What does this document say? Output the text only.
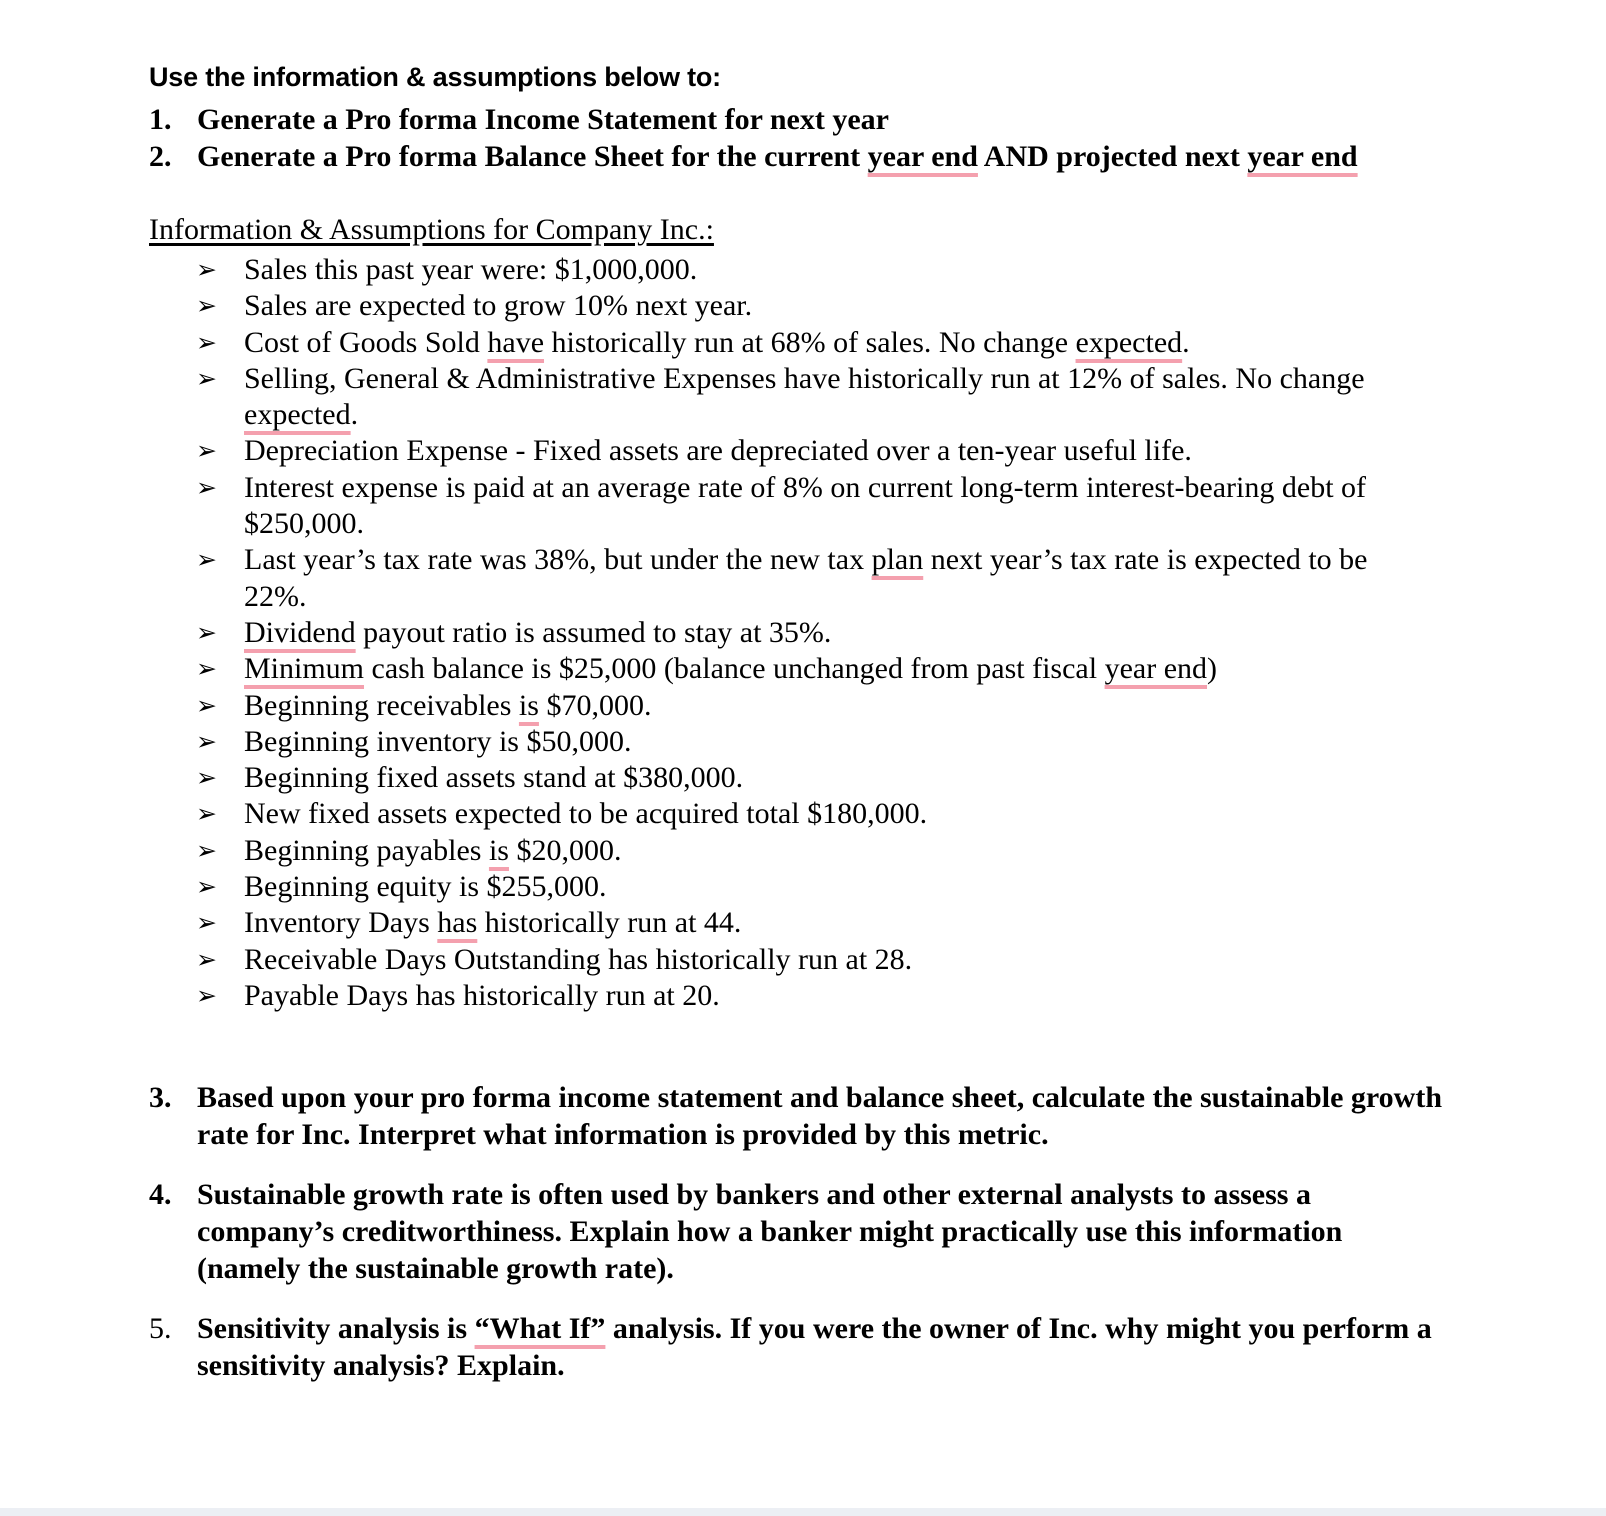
Use the information & assumptions below to:
1. Generate a Pro forma Income Statement for next year
2. Generate a Pro forma Balance Sheet for the current year end AND projected next year end
Information & Assumptions for Company Inc.:

➢ Sales this past year were: $1,000,000.

➢ Sales are expected to grow 10% next year.

➢ Cost of Goods Sold have historically run at 68% of sales. No change expected.

➢ Selling, General & Administrative Expenses have historically run at 12% of sales. No change expected.

➢ Depreciation Expense - Fixed assets are depreciated over a ten-year useful life.

➢ Interest expense is paid at an average rate of 8% on current long-term interest-bearing debt of $250,000.

➢ Last year’s tax rate was 38%, but under the new tax plan next year’s tax rate is expected to be 22%.

➢ Dividend payout ratio is assumed to stay at 35%.

➢ Minimum cash balance is $25,000 (balance unchanged from past fiscal year end)

➢ Beginning receivables is $70,000.

➢ Beginning inventory is $50,000.

➢ Beginning fixed assets stand at $380,000.

➢ New fixed assets expected to be acquired total $180,000.

➢ Beginning payables is $20,000.

➢ Beginning equity is $255,000.

➢ Inventory Days has historically run at 44.

➢ Receivable Days Outstanding has historically run at 28.

➢ Payable Days has historically run at 20.

3. Based upon your pro forma income statement and balance sheet, calculate the sustainable growth rate for Inc. Interpret what information is provided by this metric.
4. Sustainable growth rate is often used by bankers and other external analysts to assess a company’s creditworthiness. Explain how a banker might practically use this information (namely the sustainable growth rate).
5. Sensitivity analysis is “What If” analysis. If you were the owner of Inc. why might you perform a sensitivity analysis? Explain.
